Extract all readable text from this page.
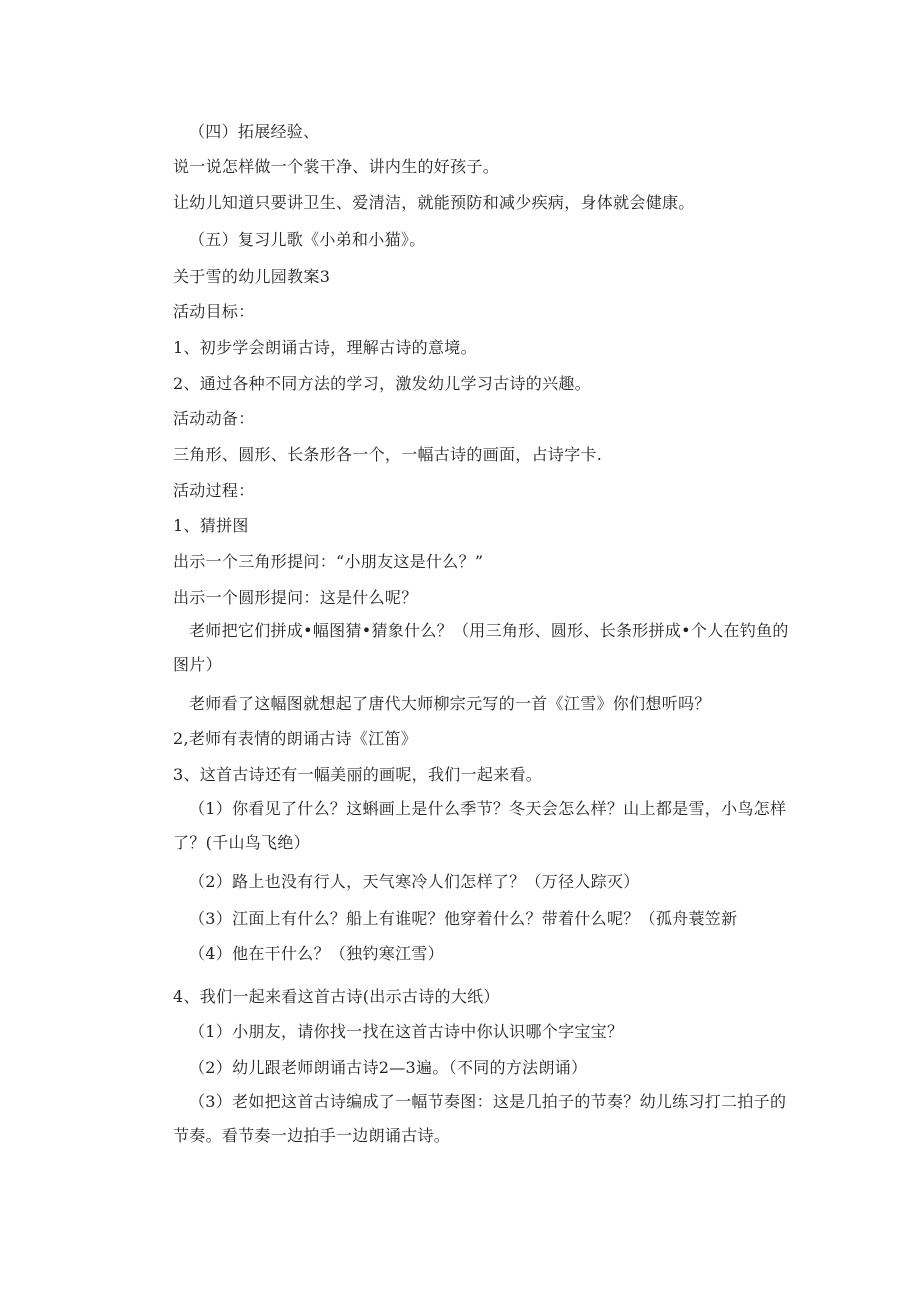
（四）拓展经验、
说一说怎样做一个裳干净、讲内生的好孩子。
让幼儿知道只要讲卫生、爱清洁，就能预防和减少疾病，身体就会健康。
（五）复习儿歌《小弟和小猫》。
关于雪的幼儿园教案3
活动目标：
1、初步学会朗诵古诗，理解古诗的意境。
2、通过各种不同方法的学习，激发幼儿学习古诗的兴趣。
活动动备：
三角形、圆形、长条形各一个，一幅古诗的画面，占诗字卡.
活动过程：
1、猜拼图
出示一个三角形提问：“小朋友这是什么？”
出示一个圆形提问：这是什么呢？
老师把它们拼成•幅图猜•猜象什么？（用三角形、圆形、长条形拼成•个人在钓鱼的图片）
老师看了这幅图就想起了唐代大师柳宗元写的一首《江雪》你们想听吗？
2,老师有表情的朗诵古诗《江笛》
3、这首古诗还有一幅美丽的画呢，我们一起来看。
（1）你看见了什么？这蝌画上是什么季节？冬天会怎么样？山上都是雪，小鸟怎样了？(千山鸟飞绝）
（2）路上也没有行人，天气寒冷人们怎样了？（万径人踪灭）
（3）江面上有什么？船上有谁呢？他穿着什么？带着什么呢？（孤舟蓑笠新
（4）他在干什么？（独钓寒江雪）
4、我们一起来看这首古诗(出示古诗的大纸）
（1）小朋友，请你找一找在这首古诗中你认识哪个字宝宝？
（2）幼儿跟老师朗诵古诗2—3遍。（不同的方法朗诵）
（3）老如把这首古诗编成了一幅节奏图：这是几拍子的节奏？幼儿练习打二拍子的节奏。看节奏一边拍手一边朗诵古诗。
